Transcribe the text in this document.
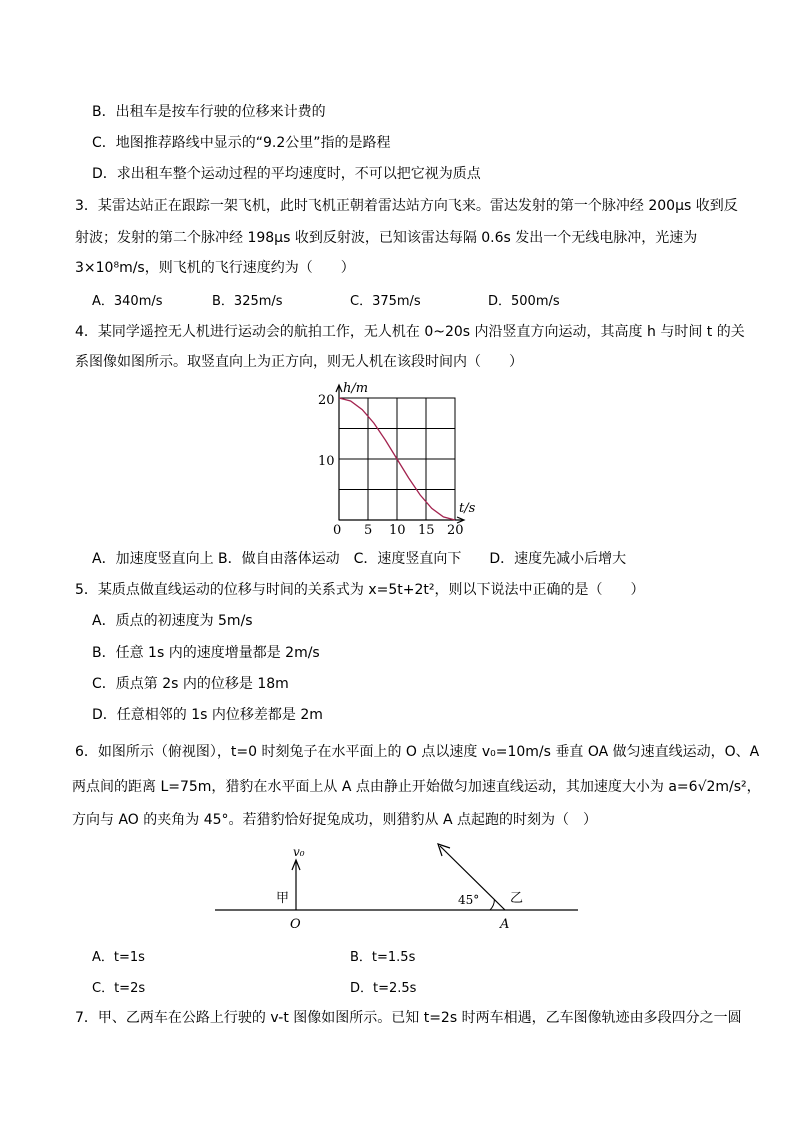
B．出租车是按车行驶的位移来计费的
C．地图推荐路线中显示的“9.2公里”指的是路程
D．求出租车整个运动过程的平均速度时，不可以把它视为质点
3．某雷达站正在跟踪一架飞机，此时飞机正朝着雷达站方向飞来。雷达发射的第一个脉冲经 200μs 收到反
射波；发射的第二个脉冲经 198μs 收到反射波，已知该雷达每隔 0.6s 发出一个无线电脉冲，光速为
3×10⁸m/s，则飞机的飞行速度约为（　　）
A．340m/s	B．325m/s	C．375m/s	D．500m/s
4．某同学遥控无人机进行运动会的航拍工作，无人机在 0~20s 内沿竖直方向运动，其高度 h 与时间 t 的关
系图像如图所示。取竖直向上为正方向，则无人机在该段时间内（　　）
h/m
t/s
20
10
0 5 10 15 20
A．加速度竖直向上 B．做自由落体运动　C．速度竖直向下　　D．速度先减小后增大
5．某质点做直线运动的位移与时间的关系式为 x=5t+2t²，则以下说法中正确的是（　　）
A．质点的初速度为 5m/s
B．任意 1s 内的速度增量都是 2m/s
C．质点第 2s 内的位移是 18m
D．任意相邻的 1s 内位移差都是 2m
6．如图所示（俯视图），t=0 时刻兔子在水平面上的 O 点以速度 v₀=10m/s 垂直 OA 做匀速直线运动，O、A
两点间的距离 L=75m，猎豹在水平面上从 A 点由静止开始做匀加速直线运动，其加速度大小为 a=6√2m/s²，
方向与 AO 的夹角为 45°。若猎豹恰好捉兔成功，则猎豹从 A 点起跑的时刻为（　）
v₀
甲
O
45° 乙
A
A．t=1s	B．t=1.5s
C．t=2s	D．t=2.5s
7．甲、乙两车在公路上行驶的 v-t 图像如图所示。已知 t=2s 时两车相遇，乙车图像轨迹由多段四分之一圆
